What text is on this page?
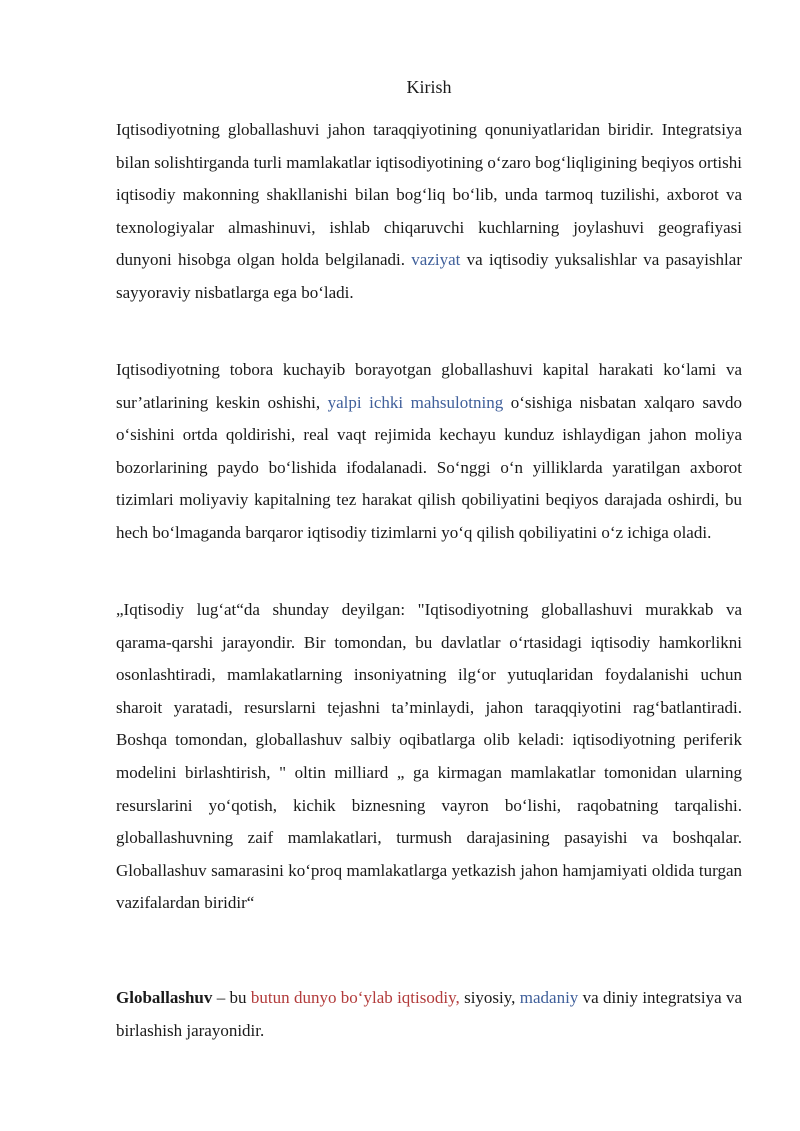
Kirish

Iqtisodiyotning globallashuvi jahon taraqqiyotining qonuniyatlaridan biridir. Integratsiya bilan solishtirganda turli mamlakatlar iqtisodiyotining o‘zaro bog‘liqligining beqiyos ortishi iqtisodiy makonning shakllanishi bilan bog‘liq bo‘lib, unda tarmoq tuzilishi, axborot va texnologiyalar almashinuvi, ishlab chiqaruvchi kuchlarning joylashuvi geografiyasi dunyoni hisobga olgan holda belgilanadi. vaziyat va iqtisodiy yuksalishlar va pasayishlar sayyoraviy nisbatlarga ega bo‘ladi.

Iqtisodiyotning tobora kuchayib borayotgan globallashuvi kapital harakati ko‘lami va sur’atlarining keskin oshishi, yalpi ichki mahsulotning o‘sishiga nisbatan xalqaro savdo o‘sishini ortda qoldirishi, real vaqt rejimida kechayu kunduz ishlaydigan jahon moliya bozorlarining paydo bo‘lishida ifodalanadi. So‘nggi o‘n yilliklarda yaratilgan axborot tizimlari moliyaviy kapitalning tez harakat qilish qobiliyatini beqiyos darajada oshirdi, bu hech bo‘lmaganda barqaror iqtisodiy tizimlarni yo‘q qilish qobiliyatini o‘z ichiga oladi.

„Iqtisodiy lug‘at“da shunday deyilgan: "Iqtisodiyotning globallashuvi murakkab va qarama-qarshi jarayondir. Bir tomondan, bu davlatlar o‘rtasidagi iqtisodiy hamkorlikni osonlashtiradi, mamlakatlarning insoniyatning ilg‘or yutuqlaridan foydalanishi uchun sharoit yaratadi, resurslarni tejashni ta’minlaydi, jahon taraqqiyotini rag‘batlantiradi. Boshqa tomondan, globallashuv salbiy oqibatlarga olib keladi: iqtisodiyotning periferik modelini birlashtirish, " oltin milliard „ ga kirmagan mamlakatlar tomonidan ularning resurslarini yo‘qotish, kichik biznesning vayron bo‘lishi, raqobatning tarqalishi. globallashuvning zaif mamlakatlari, turmush darajasining pasayishi va boshqalar. Globallashuv samarasini ko‘proq mamlakatlarga yetkazish jahon hamjamiyati oldida turgan vazifalardan biridir“

Globallashuv – bu butun dunyo bo‘ylab iqtisodiy, siyosiy, madaniy va diniy integratsiya va birlashish jarayonidir.
